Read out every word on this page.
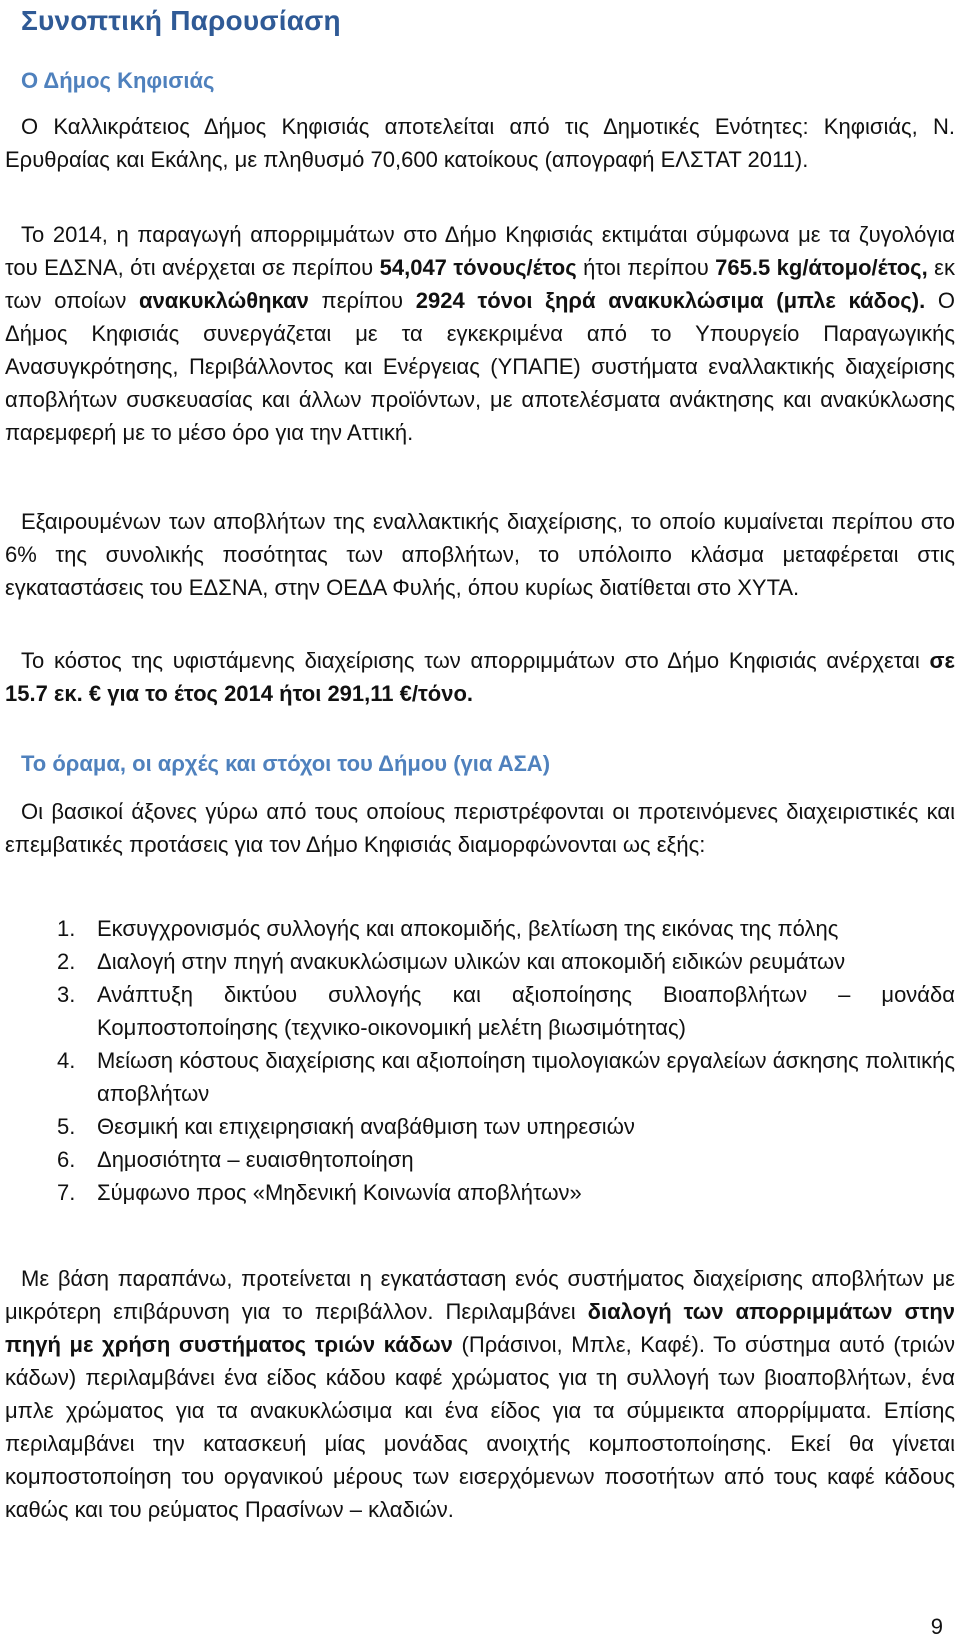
Συνοπτική Παρουσίαση
Ο Δήμος Κηφισιάς

Ο Καλλικράτειος Δήμος Κηφισιάς αποτελείται από τις Δημοτικές Ενότητες: Κηφισιάς, Ν. Ερυθραίας και Εκάλης, με πληθυσμό 70,600 κατοίκους (απογραφή ΕΛΣΤΑΤ 2011).

Το 2014, η παραγωγή απορριμμάτων στο Δήμο Κηφισιάς εκτιμάται σύμφωνα με τα ζυγολόγια του ΕΔΣΝΑ, ότι ανέρχεται σε περίπου 54,047 τόνους/έτος ήτοι περίπου 765.5 kg/άτομο/έτος, εκ των οποίων ανακυκλώθηκαν περίπου 2924 τόνοι ξηρά ανακυκλώσιμα (μπλε κάδος). Ο Δήμος Κηφισιάς συνεργάζεται με τα εγκεκριμένα από το Υπουργείο Παραγωγικής Ανασυγκρότησης, Περιβάλλοντος και Ενέργειας (ΥΠΑΠΕ) συστήματα εναλλακτικής διαχείρισης αποβλήτων συσκευασίας και άλλων προϊόντων, με αποτελέσματα ανάκτησης και ανακύκλωσης παρεμφερή με το μέσο όρο για την Αττική.

Εξαιρουμένων των αποβλήτων της εναλλακτικής διαχείρισης, το οποίο κυμαίνεται περίπου στο 6% της συνολικής ποσότητας των αποβλήτων, το υπόλοιπο κλάσμα μεταφέρεται στις εγκαταστάσεις του ΕΔΣΝΑ, στην ΟΕΔΑ Φυλής, όπου κυρίως διατίθεται στο ΧΥΤΑ.

Το κόστος της υφιστάμενης διαχείρισης των απορριμμάτων στο Δήμο Κηφισιάς ανέρχεται σε 15.7 εκ. € για το έτος 2014 ήτοι 291,11 €/τόνο.

Το όραμα, οι αρχές και στόχοι του Δήμου (για ΑΣΑ)

Οι βασικοί άξονες γύρω από τους οποίους περιστρέφονται οι προτεινόμενες διαχειριστικές και επεμβατικές προτάσεις για τον Δήμο Κηφισιάς διαμορφώνονται ως εξής:

1. Εκσυγχρονισμός συλλογής και αποκομιδής, βελτίωση της εικόνας της πόλης
2. Διαλογή στην πηγή ανακυκλώσιμων υλικών και αποκομιδή ειδικών ρευμάτων
3. Ανάπτυξη δικτύου συλλογής και αξιοποίησης Βιοαποβλήτων – μονάδα Κομποστοποίησης (τεχνικο-οικονομική μελέτη βιωσιμότητας)
4. Μείωση κόστους διαχείρισης και αξιοποίηση τιμολογιακών εργαλείων άσκησης πολιτικής αποβλήτων
5. Θεσμική και επιχειρησιακή αναβάθμιση των υπηρεσιών
6. Δημοσιότητα – ευαισθητοποίηση
7. Σύμφωνο προς «Μηδενική Κοινωνία αποβλήτων»

Με βάση παραπάνω, προτείνεται η εγκατάσταση ενός συστήματος διαχείρισης αποβλήτων με μικρότερη επιβάρυνση για το περιβάλλον. Περιλαμβάνει διαλογή των απορριμμάτων στην πηγή με χρήση συστήματος τριών κάδων (Πράσινοι, Μπλε, Καφέ). Το σύστημα αυτό (τριών κάδων) περιλαμβάνει ένα είδος κάδου καφέ χρώματος για τη συλλογή των βιοαποβλήτων, ένα μπλε χρώματος για τα ανακυκλώσιμα και ένα είδος για τα σύμμεικτα απορρίμματα. Επίσης περιλαμβάνει την κατασκευή μίας μονάδας ανοιχτής κομποστοποίησης. Εκεί θα γίνεται κομποστοποίηση του οργανικού μέρους των εισερχόμενων ποσοτήτων από τους καφέ κάδους καθώς και του ρεύματος Πρασίνων – κλαδιών.

9
